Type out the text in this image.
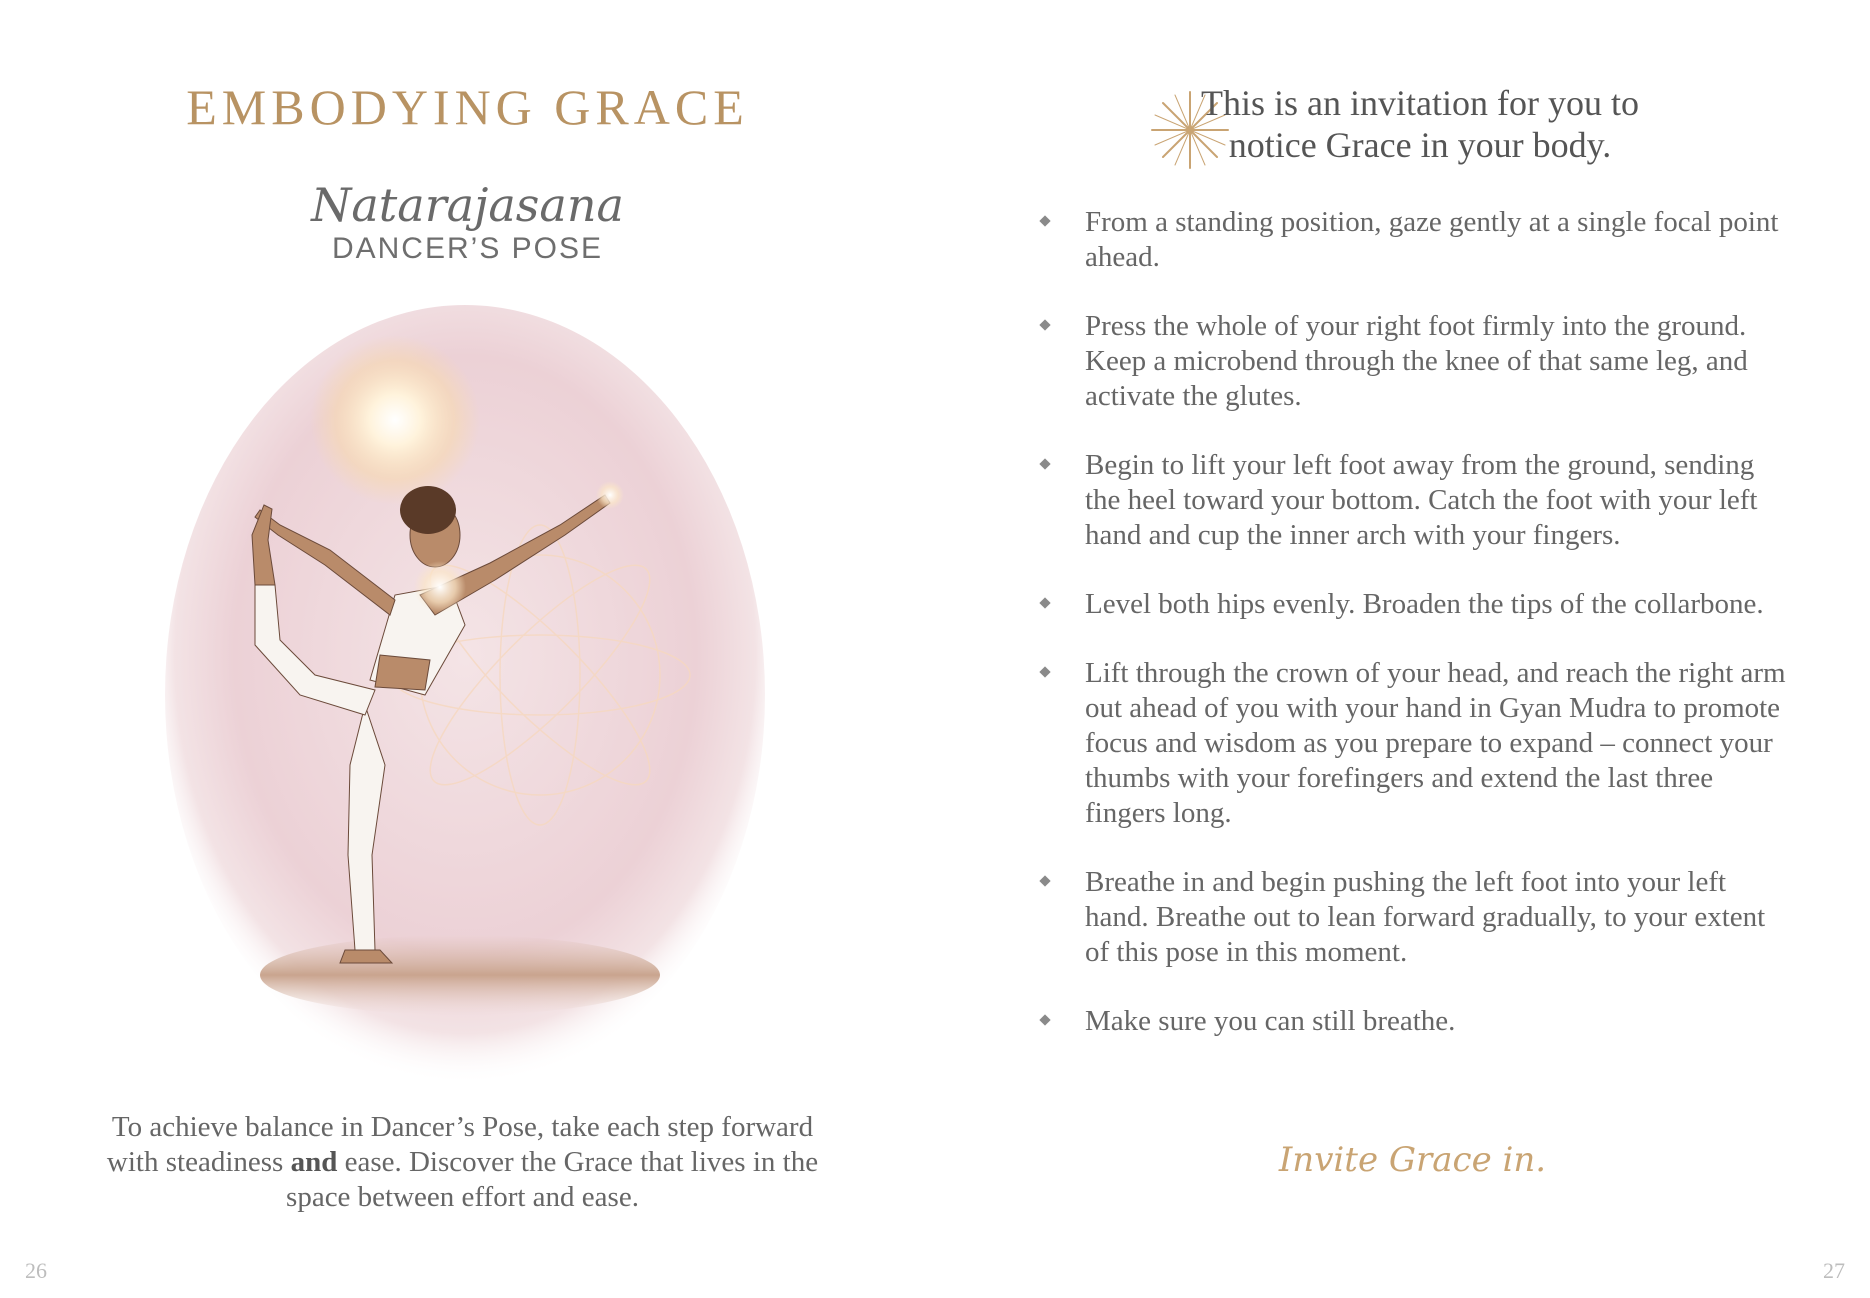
EMBODYING GRACE
Natarajasana
DANCER’S POSE
To achieve balance in Dancer’s Pose, take each step forward with steadiness and ease. Discover the Grace that lives in the space between effort and ease.
26
This is an invitation for you to notice Grace in your body.
From a standing position, gaze gently at a single focal point ahead.
Press the whole of your right foot firmly into the ground. Keep a microbend through the knee of that same leg, and activate the glutes.
Begin to lift your left foot away from the ground, sending the heel toward your bottom. Catch the foot with your left hand and cup the inner arch with your fingers.
Level both hips evenly. Broaden the tips of the collarbone.
Lift through the crown of your head, and reach the right arm out ahead of you with your hand in Gyan Mudra to promote focus and wisdom as you prepare to expand – connect your thumbs with your forefingers and extend the last three fingers long.
Breathe in and begin pushing the left foot into your left hand. Breathe out to lean forward gradually, to your extent of this pose in this moment.
Make sure you can still breathe.
Invite Grace in.
27
